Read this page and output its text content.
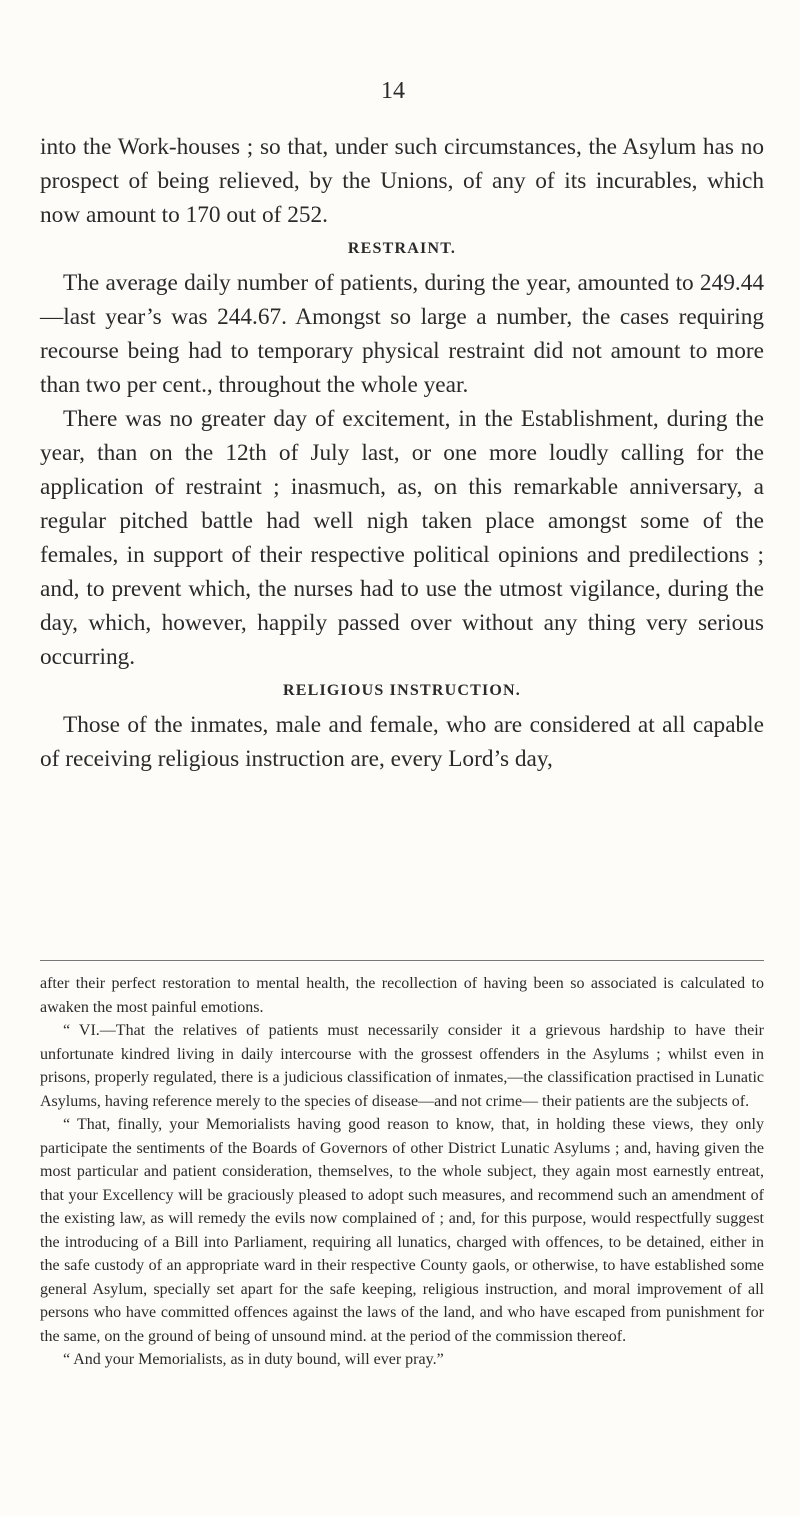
14

into the Work-houses ; so that, under such circumstances, the Asylum has no prospect of being relieved, by the Unions, of any of its incurables, which now amount to 170 out of 252.

RESTRAINT.

The average daily number of patients, during the year, amounted to 249.44—last year’s was 244.67. Amongst so large a number, the cases requiring recourse being had to temporary physical restraint did not amount to more than two per cent., throughout the whole year.

There was no greater day of excitement, in the Establishment, during the year, than on the 12th of July last, or one more loudly calling for the application of restraint ; inasmuch, as, on this remarkable anniversary, a regular pitched battle had well nigh taken place amongst some of the females, in support of their respective political opinions and predilections ; and, to prevent which, the nurses had to use the utmost vigilance, during the day, which, however, happily passed over without any thing very serious occurring.

RELIGIOUS INSTRUCTION.

Those of the inmates, male and female, who are considered at all capable of receiving religious instruction are, every Lord’s day,

after their perfect restoration to mental health, the recollection of having been so associated is calculated to awaken the most painful emotions.

“ VI.—That the relatives of patients must necessarily consider it a grievous hardship to have their unfortunate kindred living in daily intercourse with the grossest offenders in the Asylums ; whilst even in prisons, properly regulated, there is a judicious classification of inmates,—the classification practised in Lunatic Asylums, having reference merely to the species of disease—and not crime— their patients are the subjects of.

“ That, finally, your Memorialists having good reason to know, that, in holding these views, they only participate the sentiments of the Boards of Governors of other District Lunatic Asylums ; and, having given the most particular and patient consideration, themselves, to the whole subject, they again most earnestly entreat, that your Excellency will be graciously pleased to adopt such measures, and recommend such an amendment of the existing law, as will remedy the evils now complained of ; and, for this purpose, would respectfully suggest the introducing of a Bill into Parliament, requiring all lunatics, charged with offences, to be detained, either in the safe custody of an appropriate ward in their respective County gaols, or otherwise, to have established some general Asylum, specially set apart for the safe keeping, religious instruction, and moral improvement of all persons who have committed offences against the laws of the land, and who have escaped from punishment for the same, on the ground of being of unsound mind. at the period of the commission thereof.

“ And your Memorialists, as in duty bound, will ever pray.”
